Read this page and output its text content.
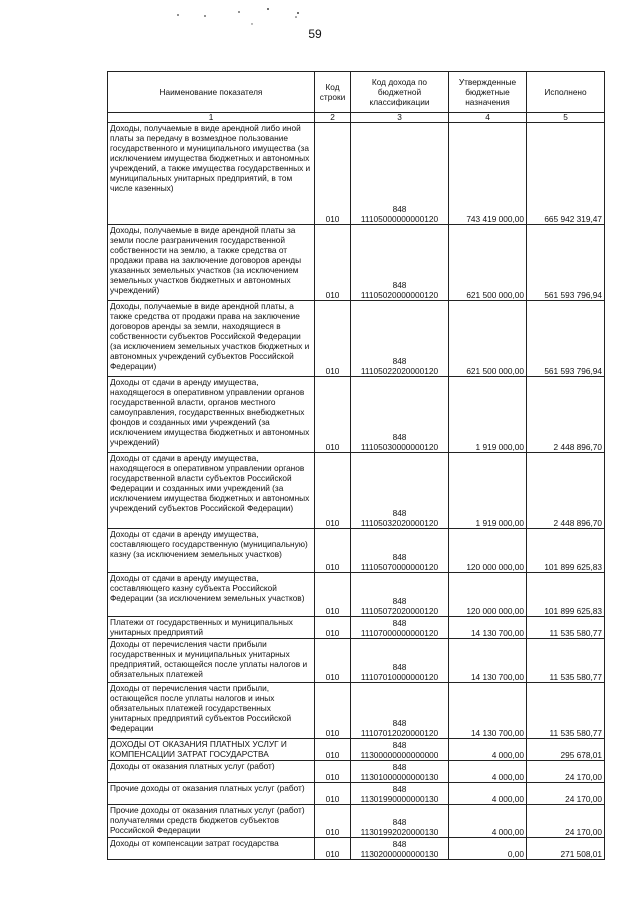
59
Наименование показателя	Код строки	Код дохода по бюджетной классификации	Утвержденные бюджетные назначения	Исполнено
1	2	3	4	5
Доходы, получаемые в виде арендной либо иной платы за передачу в возмездное пользование государственного и муниципального имущества (за исключением имущества бюджетных и автономных учреждений, а также имущества государственных и муниципальных унитарных предприятий, в том числе казенных)	010	848 11105000000000120	743 419 000,00	665 942 319,47
Доходы, получаемые в виде арендной платы за земли после разграничения государственной собственности на землю, а также средства от продажи права на заключение договоров аренды указанных земельных участков (за исключением земельных участков бюджетных и автономных учреждений)	010	848 11105020000000120	621 500 000,00	561 593 796,94
Доходы, получаемые в виде арендной платы, а также средства от продажи права на заключение договоров аренды за земли, находящиеся в собственности субъектов Российской Федерации (за исключением земельных участков бюджетных и автономных учреждений субъектов Российской Федерации)	010	848 11105022020000120	621 500 000,00	561 593 796,94
Доходы от сдачи в аренду имущества, находящегося в оперативном управлении органов государственной власти, органов местного самоуправления, государственных внебюджетных фондов и созданных ими учреждений (за исключением имущества бюджетных и автономных учреждений)	010	848 11105030000000120	1 919 000,00	2 448 896,70
Доходы от сдачи в аренду имущества, находящегося в оперативном управлении органов государственной власти субъектов Российской Федерации и созданных ими учреждений (за исключением имущества бюджетных и автономных учреждений субъектов Российской Федерации)	010	848 11105032020000120	1 919 000,00	2 448 896,70
Доходы от сдачи в аренду имущества, составляющего государственную (муниципальную) казну (за исключением земельных участков)	010	848 11105070000000120	120 000 000,00	101 899 625,83
Доходы от сдачи в аренду имущества, составляющего казну субъекта Российской Федерации (за исключением земельных участков)	010	848 11105072020000120	120 000 000,00	101 899 625,83
Платежи от государственных и муниципальных унитарных предприятий	010	848 11107000000000120	14 130 700,00	11 535 580,77
Доходы от перечисления части прибыли государственных и муниципальных унитарных предприятий, остающейся после уплаты налогов и обязательных платежей	010	848 11107010000000120	14 130 700,00	11 535 580,77
Доходы от перечисления части прибыли, остающейся после уплаты налогов и иных обязательных платежей государственных унитарных предприятий субъектов Российской Федерации	010	848 11107012020000120	14 130 700,00	11 535 580,77
ДОХОДЫ ОТ ОКАЗАНИЯ ПЛАТНЫХ УСЛУГ И КОМПЕНСАЦИИ ЗАТРАТ ГОСУДАРСТВА	010	848 11300000000000000	4 000,00	295 678,01
Доходы от оказания платных услуг (работ)	010	848 11301000000000130	4 000,00	24 170,00
Прочие доходы от оказания платных услуг (работ)	010	848 11301990000000130	4 000,00	24 170,00
Прочие доходы от оказания платных услуг (работ) получателями средств бюджетов субъектов Российской Федерации	010	848 11301992020000130	4 000,00	24 170,00
Доходы от компенсации затрат государства	010	848 11302000000000130	0,00	271 508,01
